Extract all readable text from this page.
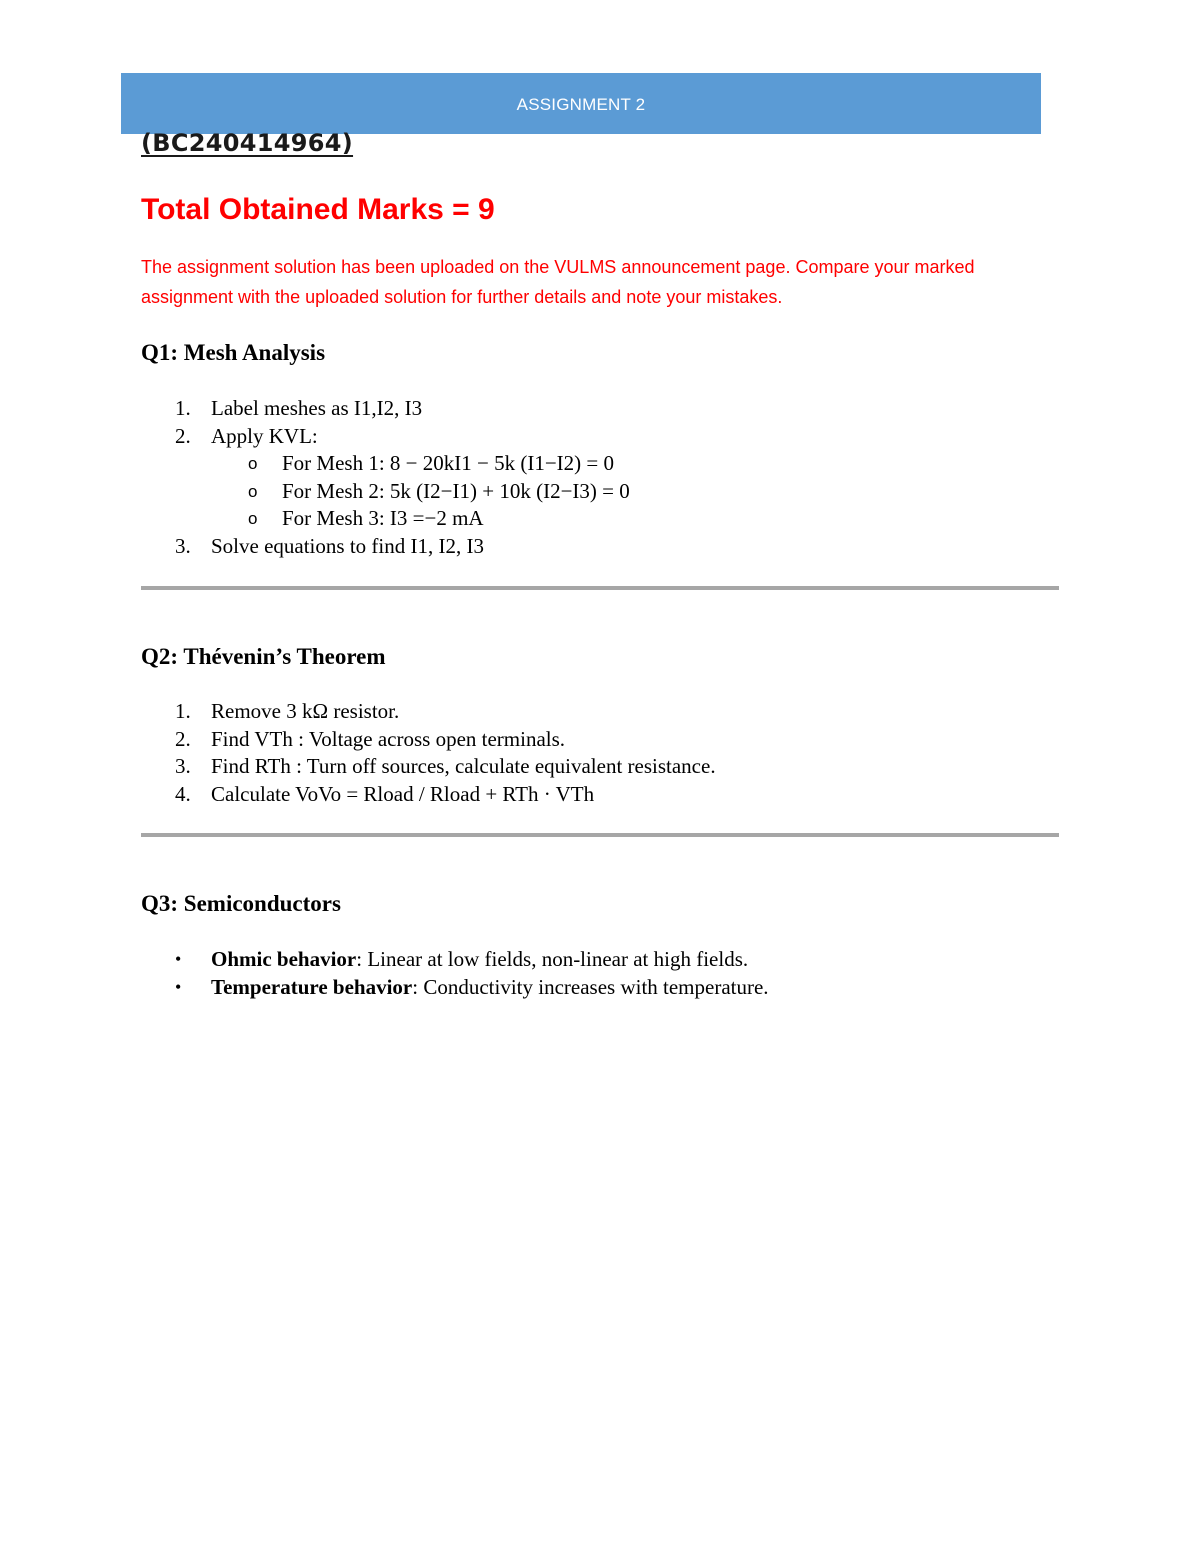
ASSIGNMENT 2
(BC240414964)
Total Obtained Marks = 9
The assignment solution has been uploaded on the VULMS announcement page. Compare your marked assignment with the uploaded solution for further details and note your mistakes.
Q1: Mesh Analysis
1. Label meshes as I1,I2, I3
2. Apply KVL:
o For Mesh 1: 8 − 20kI1 − 5k (I1−I2) = 0
o For Mesh 2: 5k (I2−I1) + 10k (I2−I3) = 0
o For Mesh 3: I3 =−2 mA
3. Solve equations to find I1, I2, I3
Q2: Thévenin’s Theorem
1. Remove 3 kΩ resistor.
2. Find VTh : Voltage across open terminals.
3. Find RTh : Turn off sources, calculate equivalent resistance.
4. Calculate VoVo = Rload / Rload + RTh · VTh
Q3: Semiconductors
• Ohmic behavior: Linear at low fields, non-linear at high fields.
• Temperature behavior: Conductivity increases with temperature.
